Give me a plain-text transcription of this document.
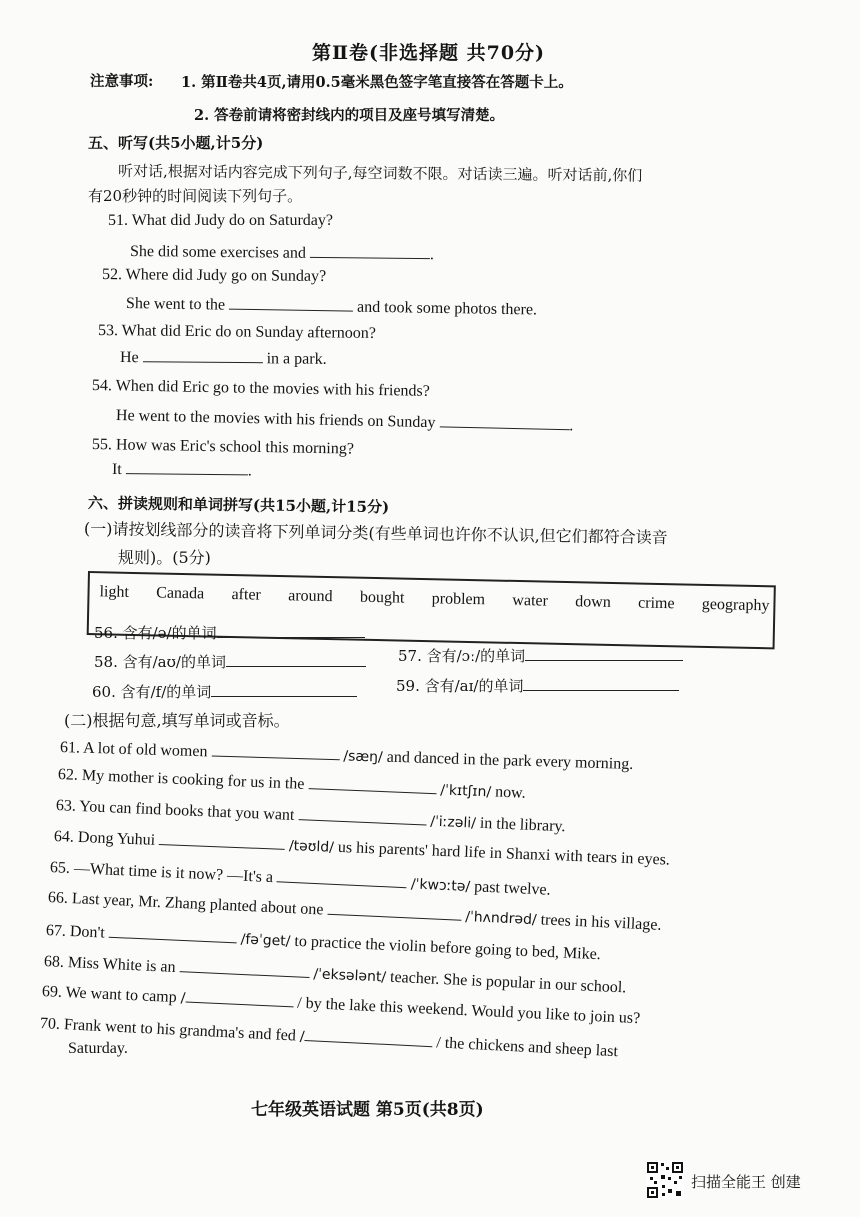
第Ⅱ卷(非选择题 共70分)
注意事项: 1. 第Ⅱ卷共4页,请用0.5毫米黑色签字笔直接答在答题卡上。
2. 答卷前请将密封线内的项目及座号填写清楚。
五、听写(共5小题,计5分)
听对话,根据对话内容完成下列句子,每空词数不限。对话读三遍。听对话前,你们
有20秒钟的时间阅读下列句子。
51. What did Judy do on Saturday?
She did some exercises and	.
52. Where did Judy go on Sunday?
She went to the	and took some photos there.
53. What did Eric do on Sunday afternoon?
He	in a park.
54. When did Eric go to the movies with his friends?
He went to the movies with his friends on Sunday	.
55. How was Eric's school this morning?
It	.
六、拼读规则和单词拼写(共15小题,计15分)
(一)请按划线部分的读音将下列单词分类(有些单词也许你不认识,但它们都符合读音
规则)。(5分)
light Canada after around bought problem water down crime geography
56. 含有/ə/的单词
57. 含有/ɔː/的单词
58. 含有/aʊ/的单词
59. 含有/aɪ/的单词
60. 含有/f/的单词
(二)根据句意,填写单词或音标。
61. A lot of old women	/sæŋ/ and danced in the park every morning.
62. My mother is cooking for us in the	/ˈkɪtʃɪn/ now.
63. You can find books that you want	/ˈiːzəli/ in the library.
64. Dong Yuhui	/təʊld/ us his parents' hard life in Shanxi with tears in eyes.
65. —What time is it now? —It's a	/ˈkwɔːtə/ past twelve.
66. Last year, Mr. Zhang planted about one  /ˈhʌndrəd/ trees in his village.
67. Don't	/fəˈget/ to practice the violin before going to bed, Mike.
68. Miss White is an	/ˈeksələnt/ teacher. She is popular in our school.
69. We want to camp /	/ by the lake this weekend. Would you like to join us?
70. Frank went to his grandma's and fed /	/ the chickens and sheep last
Saturday.
七年级英语试题 第5页(共8页)
扫描全能王 创建
